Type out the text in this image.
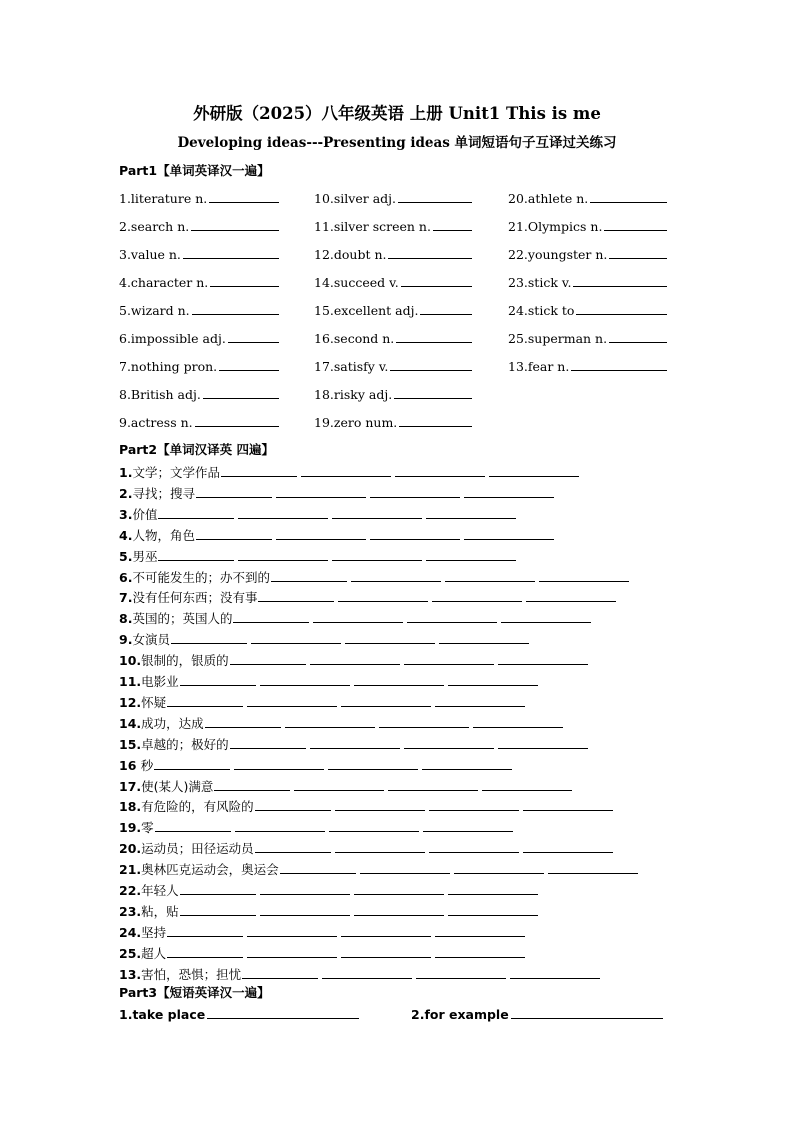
外研版（2025）八年级英语 上册 Unit1 This is me
Developing ideas---Presenting ideas 单词短语句子互译过关练习
Part1【单词英译汉一遍】
1.literature n.
2.search n.
3.value n.
4.character n.
5.wizard n.
6.impossible adj.
7.nothing pron.
8.British adj.
9.actress n.
10.silver adj.
11.silver screen n.
12.doubt n.
14.succeed v.
15.excellent adj.
16.second n.
17.satisfy v.
18.risky adj.
19.zero num.
20.athlete n.
21.Olympics n.
22.youngster n.
23.stick v.
24.stick to
25.superman n.
13.fear n.
Part2【单词汉译英 四遍】
1.文学；文学作品
2.寻找；搜寻
3.价值
4.人物，角色
5.男巫
6.不可能发生的；办不到的
7.没有任何东西；没有事
8.英国的；英国人的
9.女演员
10.银制的，银质的
11.电影业
12.怀疑
14.成功，达成
15.卓越的；极好的
16 秒
17.使(某人)满意
18.有危险的，有风险的
19.零
20.运动员；田径运动员
21.奥林匹克运动会，奥运会
22.年轻人
23.粘，贴
24.坚持
25.超人
13.害怕，恐惧；担忧
Part3【短语英译汉一遍】
1.take place	2.for example
